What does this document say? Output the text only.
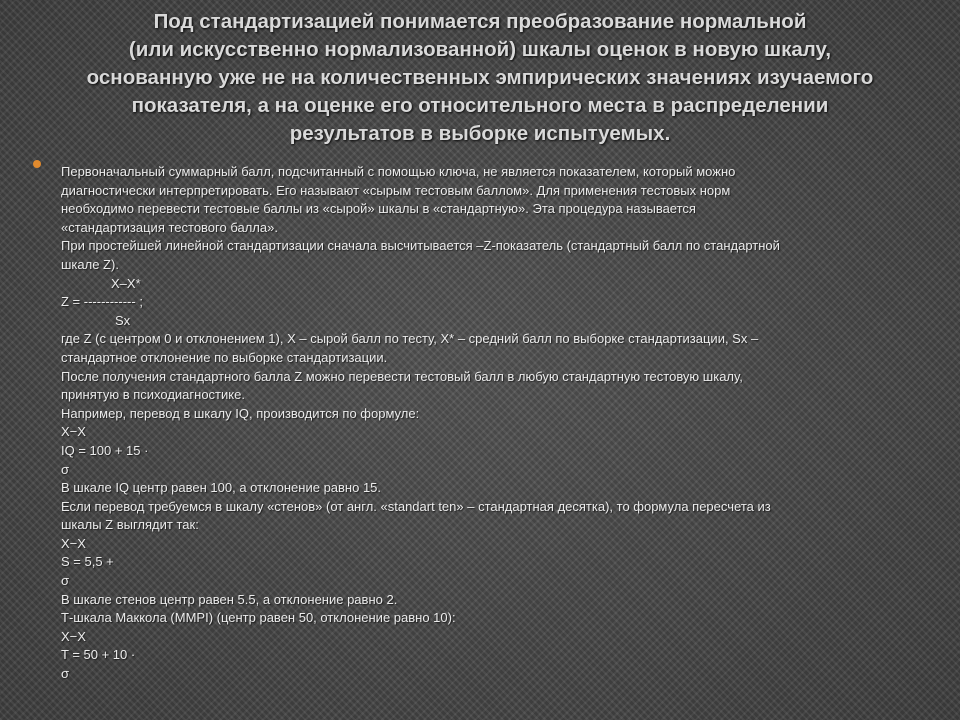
Под стандартизацией понимается преобразование нормальной
(или искусственно нормализованной) шкалы оценок в новую шкалу,
основанную уже не на количественных эмпирических значениях изучаемого
показателя, а на оценке его относительного места в распределении
результатов в выборке испытуемых.
Первоначальный суммарный балл, подсчитанный с помощью ключа, не является показателем, который можно
диагностически интерпретировать. Его называют «сырым тестовым баллом». Для применения тестовых норм
необходимо перевести тестовые баллы из «сырой» шкалы в «стандартную». Эта процедура называется
«стандартизация тестового балла».
При простейшей линейной стандартизации сначала высчитывается –Z-показатель (стандартный балл по стандартной
шкале Z).
X–X*
Z = ------------ ;
Sx
где Z (с центром 0 и отклонением 1), X – сырой балл по тесту, X* – средний балл по выборке стандартизации, Sx –
стандартное отклонение по выборке стандартизации.
После получения стандартного балла Z можно перевести тестовый балл в любую стандартную тестовую шкалу,
принятую в психодиагностике.
Например, перевод в шкалу IQ, производится по формуле:
X−X
IQ = 100 + 15 ·
σ
В шкале IQ центр равен 100, а отклонение равно 15.
Если перевод требуемся в шкалу «стенов» (от англ. «standart ten» – стандартная десятка), то формула пересчета из
шкалы Z выглядит так:
X−X
S = 5,5 +
σ
В шкале стенов центр равен 5.5, а отклонение равно 2.
Т-шкала Маккола (MMPI) (центр равен 50, отклонение равно 10):
X−X
T = 50 + 10 ·
σ
